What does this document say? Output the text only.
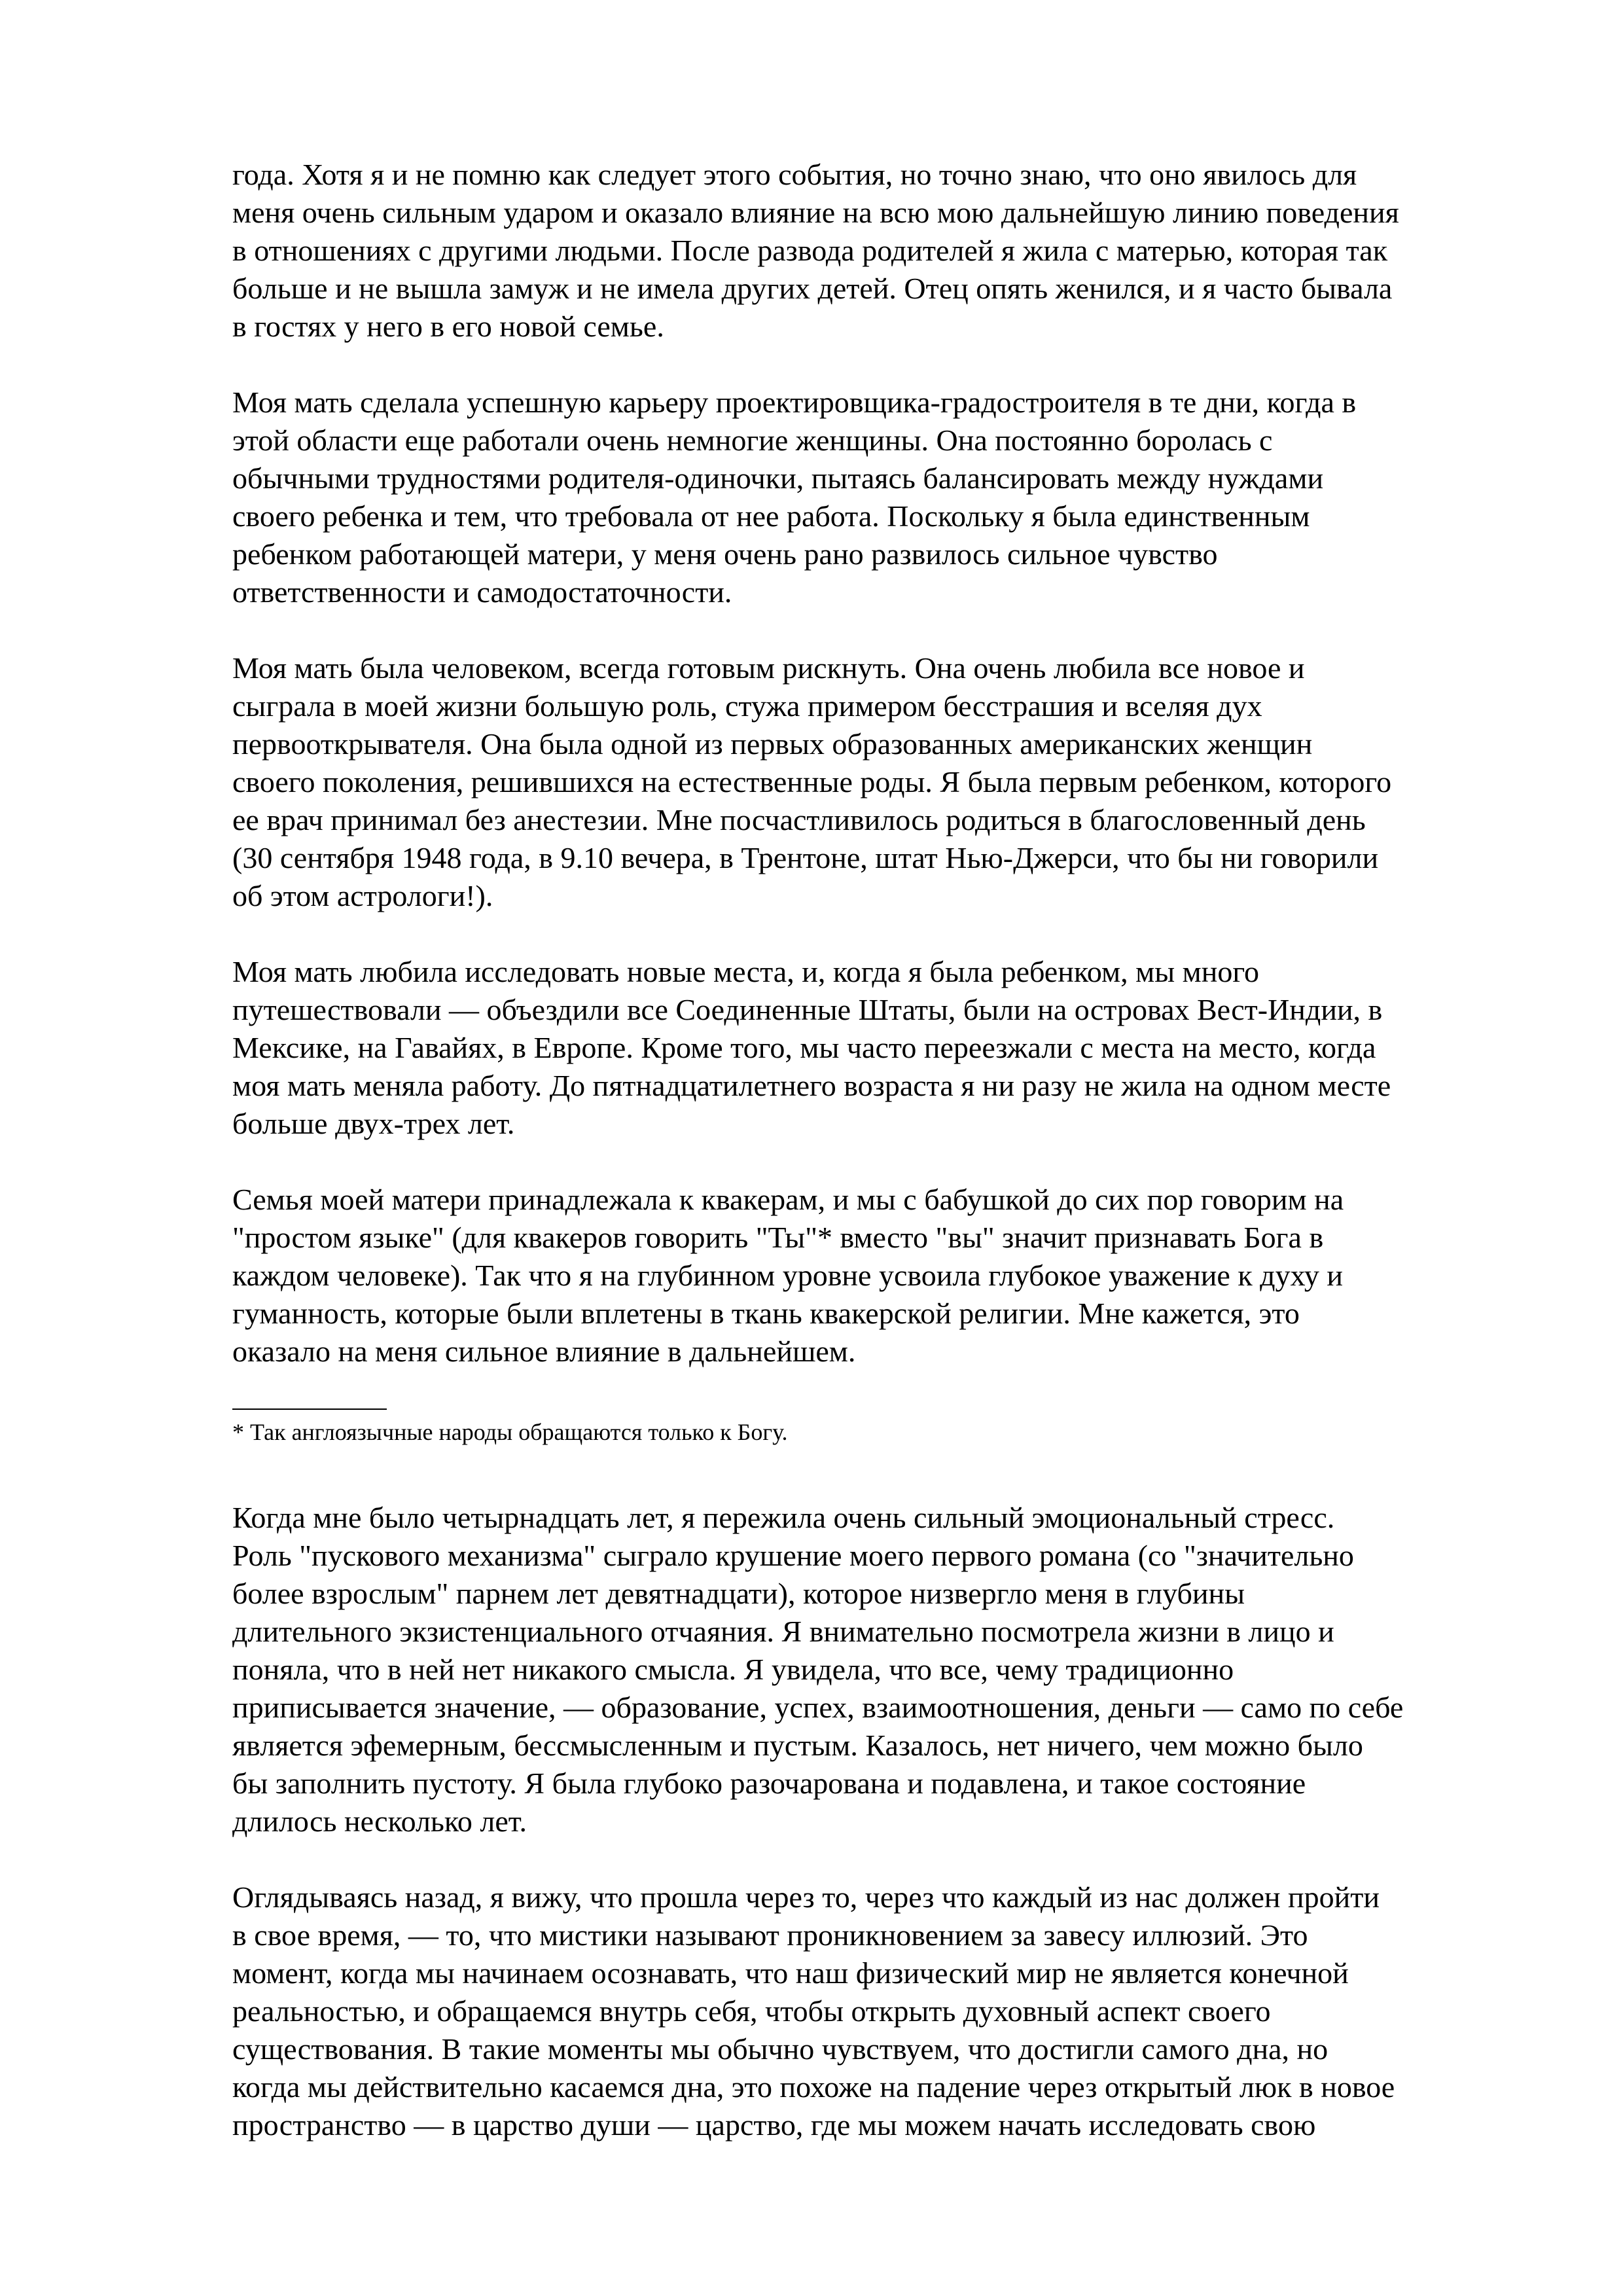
года. Хотя я и не помню как следует этого события, но точно знаю, что оно явилось для
меня очень сильным ударом и оказало влияние на всю мою дальнейшую линию поведения
в отношениях с другими людьми. После развода родителей я жила с матерью, которая так
больше и не вышла замуж и не имела других детей. Отец опять женился, и я часто бывала
в гостях у него в его новой семье.
Моя мать сделала успешную карьеру проектировщика-градостроителя в те дни, когда в
этой области еще работали очень немногие женщины. Она постоянно боролась с
обычными трудностями родителя-одиночки, пытаясь балансировать между нуждами
своего ребенка и тем, что требовала от нее работа. Поскольку я была единственным
ребенком работающей матери, у меня очень рано развилось сильное чувство
ответственности и самодостаточности.
Моя мать была человеком, всегда готовым рискнуть. Она очень любила все новое и
сыграла в моей жизни большую роль, стужа примером бесстрашия и вселяя дух
первооткрывателя. Она была одной из первых образованных американских женщин
своего поколения, решившихся на естественные роды. Я была первым ребенком, которого
ее врач принимал без анестезии. Мне посчастливилось родиться в благословенный день
(30 сентября 1948 года, в 9.10 вечера, в Трентоне, штат Нью-Джерси, что бы ни говорили
об этом астрологи!).
Моя мать любила исследовать новые места, и, когда я была ребенком, мы много
путешествовали — объездили все Соединенные Штаты, были на островах Вест-Индии, в
Мексике, на Гавайях, в Европе. Кроме того, мы часто переезжали с места на место, когда
моя мать меняла работу. До пятнадцатилетнего возраста я ни разу не жила на одном месте
больше двух-трех лет.
Семья моей матери принадлежала к квакерам, и мы с бабушкой до сих пор говорим на
"простом языке" (для квакеров говорить "Ты"* вместо "вы" значит признавать Бога в
каждом человеке). Так что я на глубинном уровне усвоила глубокое уважение к духу и
гуманность, которые были вплетены в ткань квакерской религии. Мне кажется, это
оказало на меня сильное влияние в дальнейшем.
* Так англоязычные народы обращаются только к Богу.
Когда мне было четырнадцать лет, я пережила очень сильный эмоциональный стресс.
Роль "пускового механизма" сыграло крушение моего первого романа (со "значительно
более взрослым" парнем лет девятнадцати), которое низвергло меня в глубины
длительного экзистенциального отчаяния. Я внимательно посмотрела жизни в лицо и
поняла, что в ней нет никакого смысла. Я увидела, что все, чему традиционно
приписывается значение, — образование, успех, взаимоотношения, деньги — само по себе
является эфемерным, бессмысленным и пустым. Казалось, нет ничего, чем можно было
бы заполнить пустоту. Я была глубоко разочарована и подавлена, и такое состояние
длилось несколько лет.
Оглядываясь назад, я вижу, что прошла через то, через что каждый из нас должен пройти
в свое время, — то, что мистики называют проникновением за завесу иллюзий. Это
момент, когда мы начинаем осознавать, что наш физический мир не является конечной
реальностью, и обращаемся внутрь себя, чтобы открыть духовный аспект своего
существования. В такие моменты мы обычно чувствуем, что достигли самого дна, но
когда мы действительно касаемся дна, это похоже на падение через открытый люк в новое
пространство — в царство души — царство, где мы можем начать исследовать свою
